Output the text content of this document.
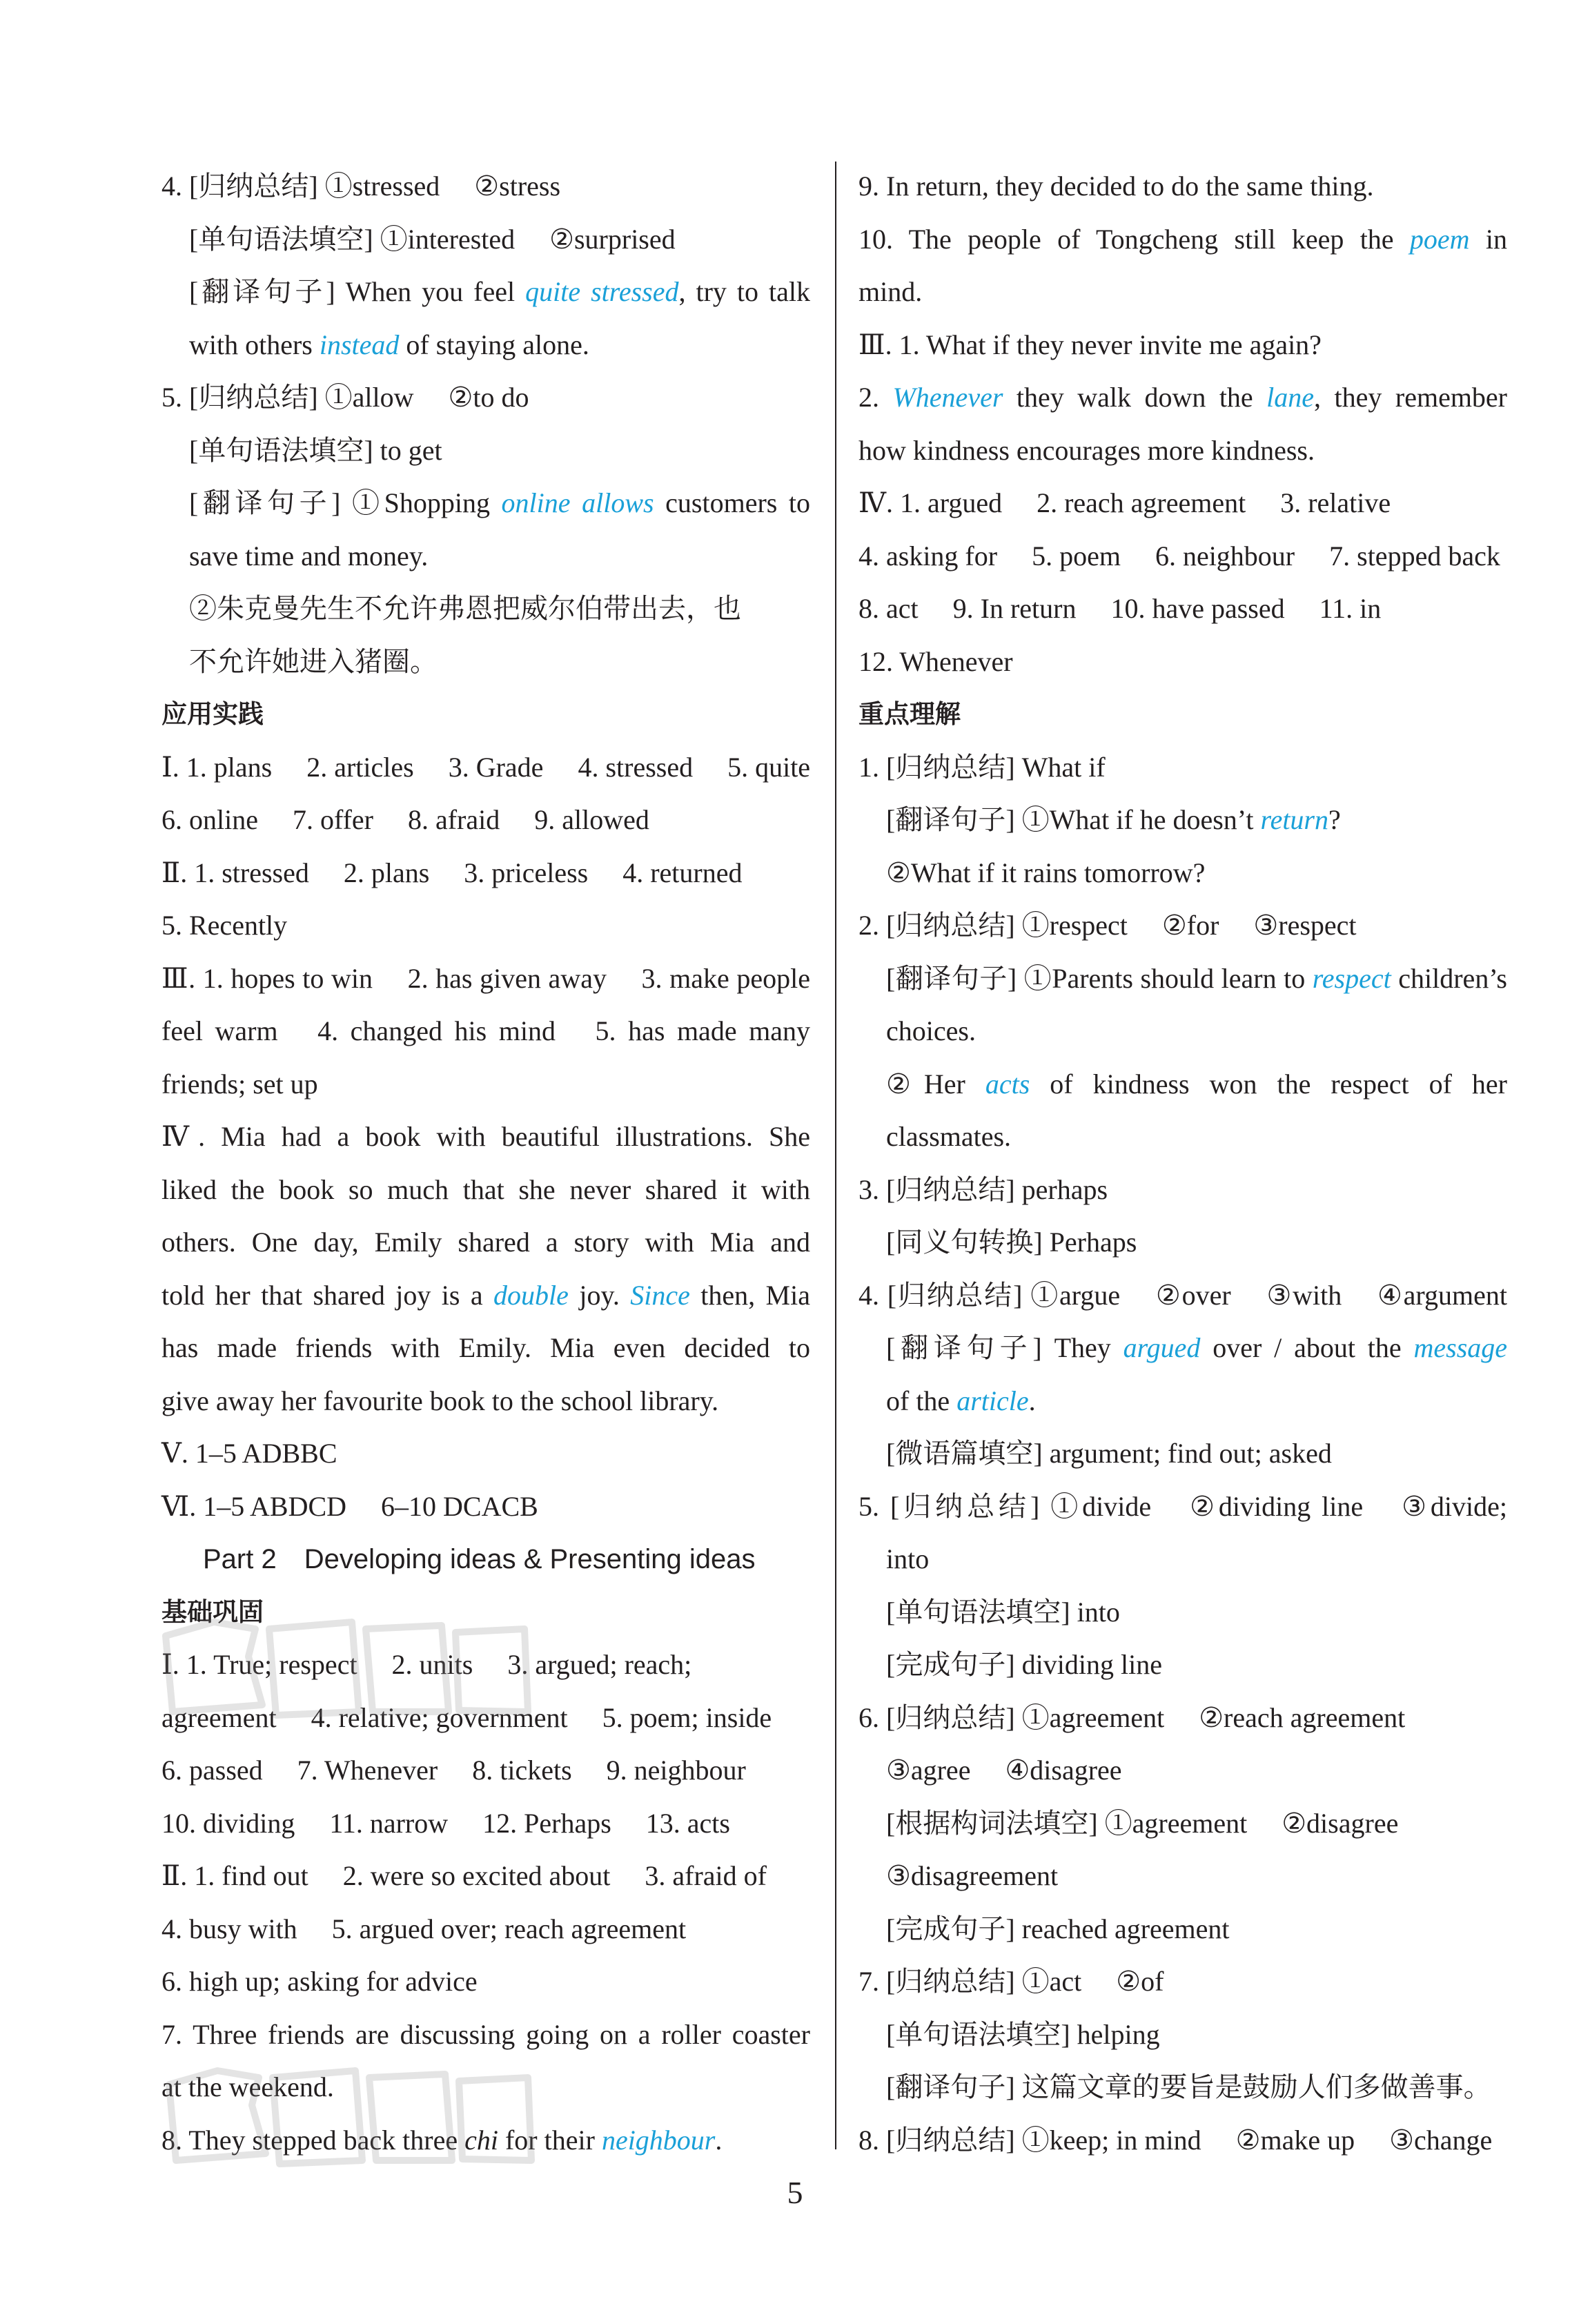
4. [归纳总结] ①stressed  ②stress
[单句语法填空] ①interested  ②surprised
[翻译句子] When you feel quite stressed, try to talk
with others instead of staying alone.
5. [归纳总结] ①allow  ②to do
[单句语法填空] to get
[翻译句子] ①Shopping online allows customers to
save time and money.
②朱克曼先生不允许弗恩把威尔伯带出去，也
不允许她进入猪圈。
应用实践
Ⅰ. 1. plans  2. articles  3. Grade  4. stressed  5. quite
6. online  7. offer  8. afraid  9. allowed
Ⅱ. 1. stressed  2. plans  3. priceless  4. returned
5. Recently
Ⅲ. 1. hopes to win  2. has given away  3. make people
feel warm  4. changed his mind  5. has made many
friends; set up
Ⅳ. Mia had a book with beautiful illustrations. She
liked the book so much that she never shared it with
others. One day, Emily shared a story with Mia and
told her that shared joy is a double joy. Since then, Mia
has made friends with Emily. Mia even decided to
give away her favourite book to the school library.
Ⅴ. 1–5 ADBBC
Ⅵ. 1–5 ABDCD  6–10 DCACB
Part 2 Developing ideas & Presenting ideas
基础巩固
Ⅰ. 1. True; respect  2. units  3. argued; reach;
agreement  4. relative; government  5. poem; inside
6. passed  7. Whenever  8. tickets  9. neighbour
10. dividing  11. narrow  12. Perhaps  13. acts
Ⅱ. 1. find out  2. were so excited about  3. afraid of
4. busy with  5. argued over; reach agreement
6. high up; asking for advice
7. Three friends are discussing going on a roller coaster
at the weekend.
8. They stepped back three chi for their neighbour.
9. In return, they decided to do the same thing.
10. The people of Tongcheng still keep the poem in
mind.
Ⅲ. 1. What if they never invite me again?
2. Whenever they walk down the lane, they remember
how kindness encourages more kindness.
Ⅳ. 1. argued  2. reach agreement  3. relative
4. asking for  5. poem  6. neighbour  7. stepped back
8. act  9. In return  10. have passed  11. in
12. Whenever
重点理解
1. [归纳总结] What if
[翻译句子] ①What if he doesn’t return?
②What if it rains tomorrow?
2. [归纳总结] ①respect  ②for  ③respect
[翻译句子] ①Parents should learn to respect children’s
choices.
②Her acts of kindness won the respect of her
classmates.
3. [归纳总结] perhaps
[同义句转换] Perhaps
4. [归纳总结] ①argue  ②over  ③with  ④argument
[翻译句子] They argued over / about the message
of the article.
[微语篇填空] argument; find out; asked
5. [归纳总结] ①divide  ②dividing line  ③divide;
into
[单句语法填空] into
[完成句子] dividing line
6. [归纳总结] ①agreement  ②reach agreement
③agree  ④disagree
[根据构词法填空] ①agreement  ②disagree
③disagreement
[完成句子] reached agreement
7. [归纳总结] ①act  ②of
[单句语法填空] helping
[翻译句子] 这篇文章的要旨是鼓励人们多做善事。
8. [归纳总结] ①keep; in mind  ②make up  ③change
5
